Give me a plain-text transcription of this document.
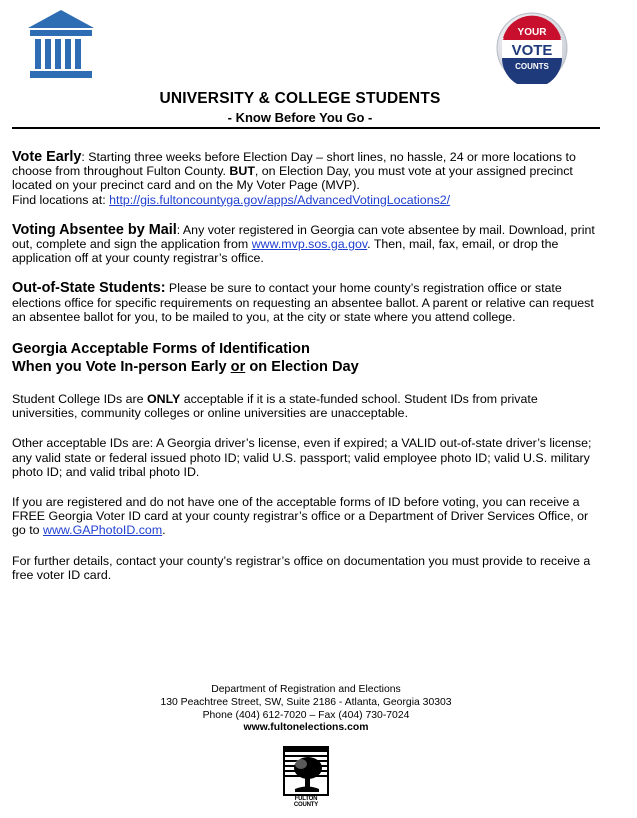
YOUR
VOTE
COUNTS
UNIVERSITY & COLLEGE STUDENTS
- Know Before You Go -

Vote Early: Starting three weeks before Election Day – short lines, no hassle, 24 or more locations to choose from throughout Fulton County. BUT, on Election Day, you must vote at your assigned precinct located on your precinct card and on the My Voter Page (MVP).
Find locations at: http://gis.fultoncountyga.gov/apps/AdvancedVotingLocations2/

Voting Absentee by Mail: Any voter registered in Georgia can vote absentee by mail. Download, print out, complete and sign the application from www.mvp.sos.ga.gov. Then, mail, fax, email, or drop the application off at your county registrar’s office.

Out-of-State Students: Please be sure to contact your home county’s registration office or state elections office for specific requirements on requesting an absentee ballot. A parent or relative can request an absentee ballot for you, to be mailed to you, at the city or state where you attend college.

Georgia Acceptable Forms of Identification
When you Vote In-person Early or on Election Day

Student College IDs are ONLY acceptable if it is a state-funded school. Student IDs from private universities, community colleges or online universities are unacceptable.

Other acceptable IDs are: A Georgia driver’s license, even if expired; a VALID out-of-state driver’s license; any valid state or federal issued photo ID; valid U.S. passport; valid employee photo ID; valid U.S. military photo ID; and valid tribal photo ID.

If you are registered and do not have one of the acceptable forms of ID before voting, you can receive a FREE Georgia Voter ID card at your county registrar’s office or a Department of Driver Services Office, or go to www.GAPhotoID.com.

For further details, contact your county’s registrar’s office on documentation you must provide to receive a free voter ID card.

Department of Registration and Elections
130 Peachtree Street, SW, Suite 2186 - Atlanta, Georgia 30303
Phone (404) 612-7020 – Fax (404) 730-7024
www.fultonelections.com
FULTON COUNTY
